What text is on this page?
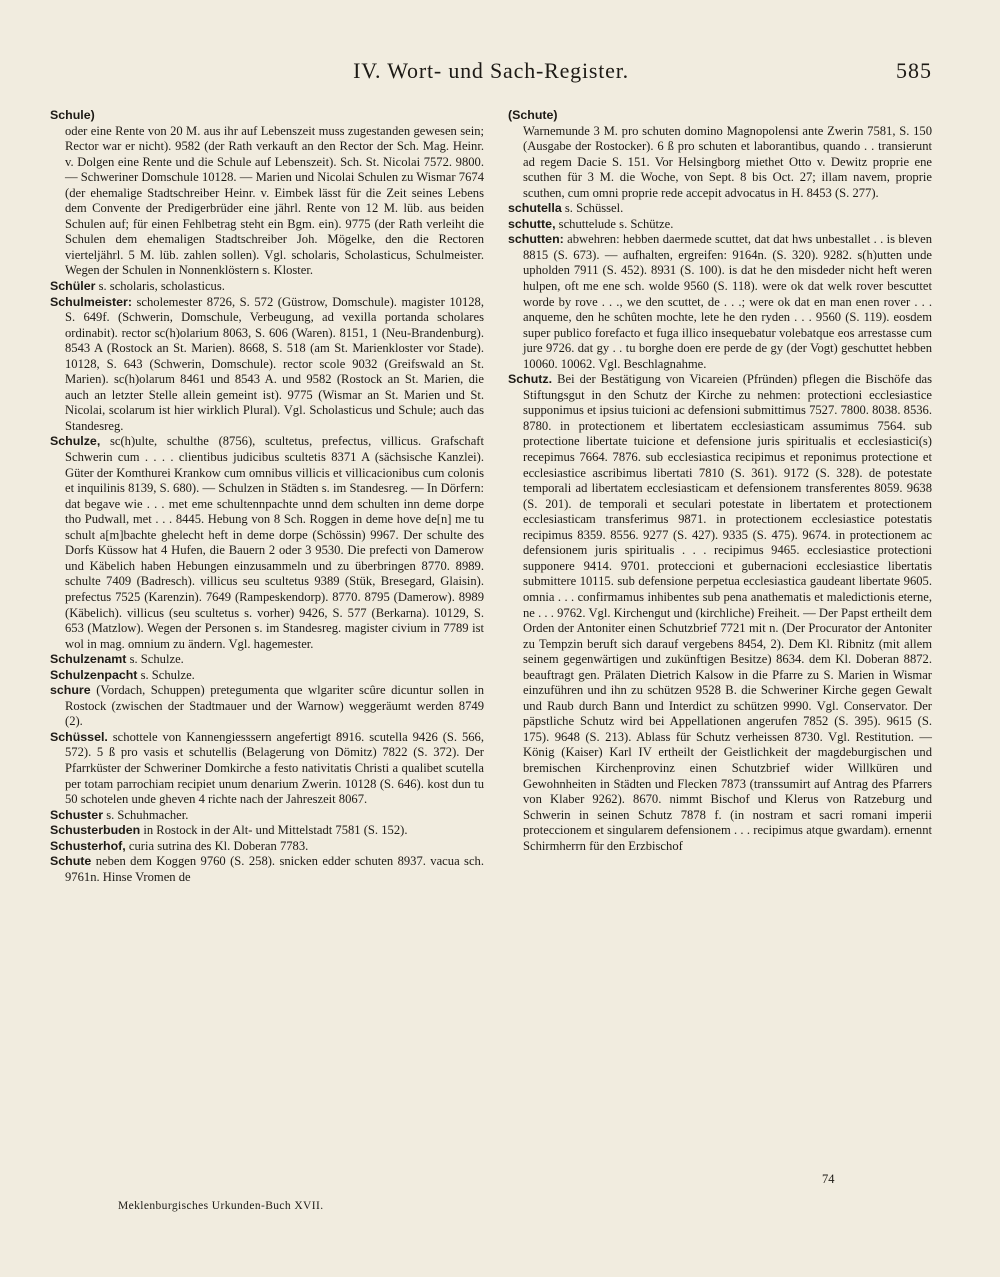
IV. Wort- und Sach-Register.	585

Schule)
oder eine Rente von 20 M. aus ihr auf Lebenszeit muss zugestanden gewesen sein; Rector war er nicht). 9582 (der Rath verkauft an den Rector der Sch. Mag. Heinr. v. Dolgen eine Rente und die Schule auf Lebenszeit). Sch. St. Nicolai 7572. 9800. — Schweriner Domschule 10128. — Marien und Nicolai Schulen zu Wismar 7674 (der ehemalige Stadtschreiber Heinr. v. Eimbek lässt für die Zeit seines Lebens dem Convente der Predigerbrüder eine jährl. Rente von 12 M. lüb. aus beiden Schulen auf; für einen Fehlbetrag steht ein Bgm. ein). 9775 (der Rath verleiht die Schulen dem ehemaligen Stadtschreiber Joh. Mögelke, den die Rectoren vierteljährl. 5 M. lüb. zahlen sollen). Vgl. scholaris, Scholasticus, Schulmeister. Wegen der Schulen in Nonnenklöstern s. Kloster.

Schüler s. scholaris, scholasticus.

Schulmeister: scholemester 8726, S. 572 (Güstrow, Domschule). magister 10128, S. 649f. (Schwerin, Domschule, Verbeugung, ad vexilla portanda scholares ordinabit). rector sc(h)olarium 8063, S. 606 (Waren). 8151, 1 (Neu-Brandenburg). 8543 A (Rostock an St. Marien). 8668, S. 518 (am St. Marienkloster vor Stade). 10128, S. 643 (Schwerin, Domschule). rector scole 9032 (Greifswald an St. Marien). sc(h)olarum 8461 und 8543 A. und 9582 (Rostock an St. Marien, die auch an letzter Stelle allein gemeint ist). 9775 (Wismar an St. Marien und St. Nicolai, scolarum ist hier wirklich Plural). Vgl. Scholasticus und Schule; auch das Standesreg.

Schulze, sc(h)ulte, schulthe (8756), scultetus, prefectus, villicus. Grafschaft Schwerin cum . . . . clientibus judicibus scultetis 8371 A (sächsische Kanzlei). Güter der Komthurei Krankow cum omnibus villicis et villicacionibus cum colonis et inquilinis 8139, S. 680). — Schulzen in Städten s. im Standesreg. — In Dörfern: dat begave wie . . . met eme schultennpachte unnd dem schulten inn deme dorpe tho Pudwall, met . . . 8445. Hebung von 8 Sch. Roggen in deme hove de[n] me tu schult a[m]bachte ghelecht heft in deme dorpe (Schössin) 9967. Der schulte des Dorfs Küssow hat 4 Hufen, die Bauern 2 oder 3 9530. Die prefecti von Damerow und Käbelich haben Hebungen einzusammeln und zu überbringen 8770. 8989. schulte 7409 (Badresch). villicus seu scultetus 9389 (Stük, Bresegard, Glaisin). prefectus 7525 (Karenzin). 7649 (Rampeskendorp). 8770. 8795 (Damerow). 8989 (Käbelich). villicus (seu scultetus s. vorher) 9426, S. 577 (Berkarna). 10129, S. 653 (Matzlow). Wegen der Personen s. im Standesreg. magister civium in 7789 ist wol in mag. omnium zu ändern. Vgl. hagemester.

Schulzenamt s. Schulze.

Schulzenpacht s. Schulze.

schure (Vordach, Schuppen) pretegumenta que wlgariter scûre dicuntur sollen in Rostock (zwischen der Stadtmauer und der Warnow) weggeräumt werden 8749 (2).

Schüssel. schottele von Kannengiesssern angefertigt 8916. scutella 9426 (S. 566, 572). 5 ß pro vasis et schutellis (Belagerung von Dömitz) 7822 (S. 372). Der Pfarrküster der Schweriner Domkirche a festo nativitatis Christi a qualibet scutella per totam parrochiam recipiet unum denarium Zwerin. 10128 (S. 646). kost dun tu 50 schotelen unde gheven 4 richte nach der Jahreszeit 8067.

Schuster s. Schuhmacher.

Schusterbuden in Rostock in der Alt- und Mittelstadt 7581 (S. 152).

Schusterhof, curia sutrina des Kl. Doberan 7783.

Schute neben dem Koggen 9760 (S. 258). snicken edder schuten 8937. vacua sch. 9761n. Hinse Vromen de

(Schute)
Warnemunde 3 M. pro schuten domino Magnopolensi ante Zwerin 7581, S. 150 (Ausgabe der Rostocker). 6 ß pro schuten et laborantibus, quando . . transierunt ad regem Dacie S. 151. Vor Helsingborg miethet Otto v. Dewitz proprie ene scuthen für 3 M. die Woche, von Sept. 8 bis Oct. 27; illam navem, proprie scuthen, cum omni proprie rede accepit advocatus in H. 8453 (S. 277).

schutella s. Schüssel.

schutte, schuttelude s. Schütze.

schutten: abwehren: hebben daermede scuttet, dat dat hws unbestallet . . is bleven 8815 (S. 673). — aufhalten, ergreifen: 9164n. (S. 320). 9282. s(h)utten unde upholden 7911 (S. 452). 8931 (S. 100). is dat he den misdeder nicht heft weren hulpen, oft me ene sch. wolde 9560 (S. 118). were ok dat welk rover bescuttet worde by rove . . ., we den scuttet, de . . .; were ok dat en man enen rover . . . anqueme, den he schûten mochte, lete he den ryden . . . 9560 (S. 119). eosdem super publico forefacto et fuga illico insequebatur volebatque eos arrestasse cum jure 9726. dat gy . . tu borghe doen ere perde de gy (der Vogt) geschuttet hebben 10060. 10062. Vgl. Beschlagnahme.

Schutz. Bei der Bestätigung von Vicareien (Pfründen) pflegen die Bischöfe das Stiftungsgut in den Schutz der Kirche zu nehmen: protectioni ecclesiastice supponimus et ipsius tuicioni ac defensioni submittimus 7527. 7800. 8038. 8536. 8780. in protectionem et libertatem ecclesiasticam assumimus 7564. sub protectione libertate tuicione et defensione juris spiritualis et ecclesiastici(s) recepimus 7664. 7876. sub ecclesiastica recipimus et reponimus protectione et ecclesiastice ascribimus libertati 7810 (S. 361). 9172 (S. 328). de potestate temporali ad libertatem ecclesiasticam et defensionem transferentes 8059. 9638 (S. 201). de temporali et seculari potestate in libertatem et protectionem ecclesiasticam transferimus 9871. in protectionem ecclesiastice potestatis recipimus 8359. 8556. 9277 (S. 427). 9335 (S. 475). 9674. in protectionem ac defensionem juris spiritualis . . . recipimus 9465. ecclesiastice protectioni supponere 9414. 9701. proteccioni et gubernacioni ecclesiastice libertatis submittere 10115. sub defensione perpetua ecclesiastica gaudeant libertate 9605. omnia . . . confirmamus inhibentes sub pena anathematis et maledictionis eterne, ne . . . 9762. Vgl. Kirchengut und (kirchliche) Freiheit. — Der Papst ertheilt dem Orden der Antoniter einen Schutzbrief 7721 mit n. (Der Procurator der Antoniter zu Tempzin beruft sich darauf vergebens 8454, 2). Dem Kl. Ribnitz (mit allem seinem gegenwärtigen und zukünftigen Besitze) 8634. dem Kl. Doberan 8872. beauftragt gen. Prälaten Dietrich Kalsow in die Pfarre zu S. Marien in Wismar einzuführen und ihn zu schützen 9528 B. die Schweriner Kirche gegen Gewalt und Raub durch Bann und Interdict zu schützen 9990. Vgl. Conservator. Der päpstliche Schutz wird bei Appellationen angerufen 7852 (S. 395). 9615 (S. 175). 9648 (S. 213). Ablass für Schutz verheissen 8730. Vgl. Restitution. — König (Kaiser) Karl IV ertheilt der Geistlichkeit der magdeburgischen und bremischen Kirchenprovinz einen Schutzbrief wider Willküren und Gewohnheiten in Städten und Flecken 7873 (transsumirt auf Antrag des Pfarrers von Klaber 9262). 8670. nimmt Bischof und Klerus von Ratzeburg und Schwerin in seinen Schutz 7878 f. (in nostram et sacri romani imperii proteccionem et singularem defensionem . . . recipimus atque gwardam). ernennt Schirmherrn für den Erzbischof

Meklenburgisches Urkunden-Buch XVII.
74
